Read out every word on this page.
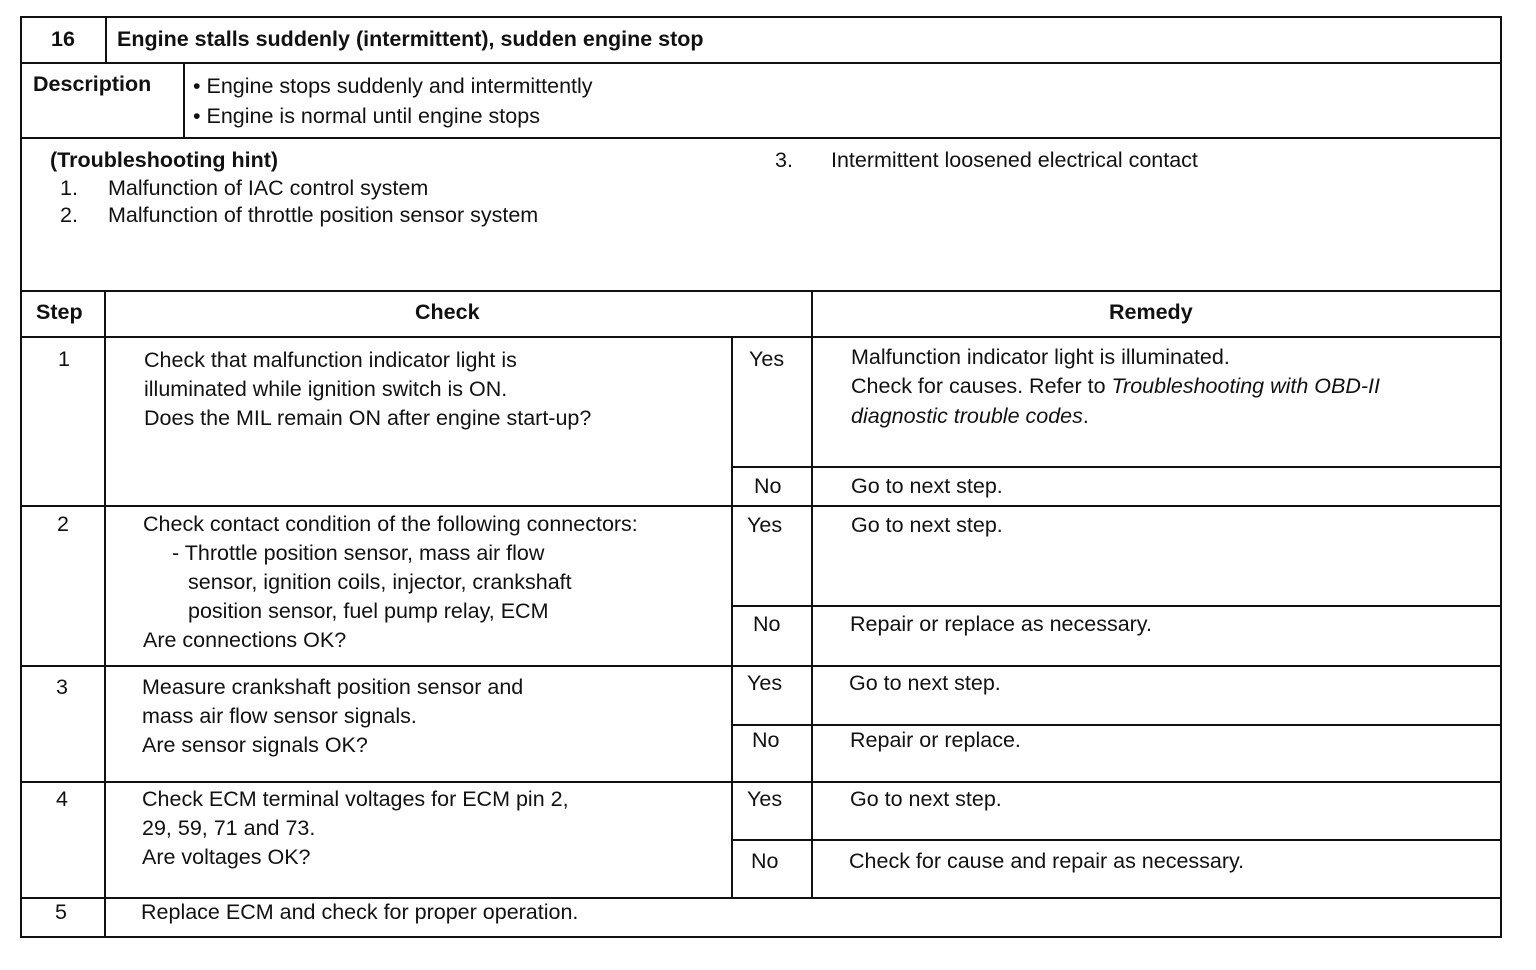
16 Engine stalls suddenly (intermittent), sudden engine stop
Description • Engine stops suddenly and intermittently
• Engine is normal until engine stops
(Troubleshooting hint)
1. Malfunction of IAC control system
2. Malfunction of throttle position sensor system
3. Intermittent loosened electrical contact
Step	Check	Remedy
1	Check that malfunction indicator light is
illuminated while ignition switch is ON.
Does the MIL remain ON after engine start-up?
Yes	Malfunction indicator light is illuminated.
Check for causes. Refer to Troubleshooting with OBD-II
diagnostic trouble codes.
No	Go to next step.
2	Check contact condition of the following connectors:
- Throttle position sensor, mass air flow
sensor, ignition coils, injector, crankshaft
position sensor, fuel pump relay, ECM
Are connections OK?
Yes	Go to next step.
No	Repair or replace as necessary.
3	Measure crankshaft position sensor and
mass air flow sensor signals.
Are sensor signals OK?
Yes	Go to next step.
No	Repair or replace.
4	Check ECM terminal voltages for ECM pin 2,
29, 59, 71 and 73.
Are voltages OK?
Yes	Go to next step.
No	Check for cause and repair as necessary.
5	Replace ECM and check for proper operation.
